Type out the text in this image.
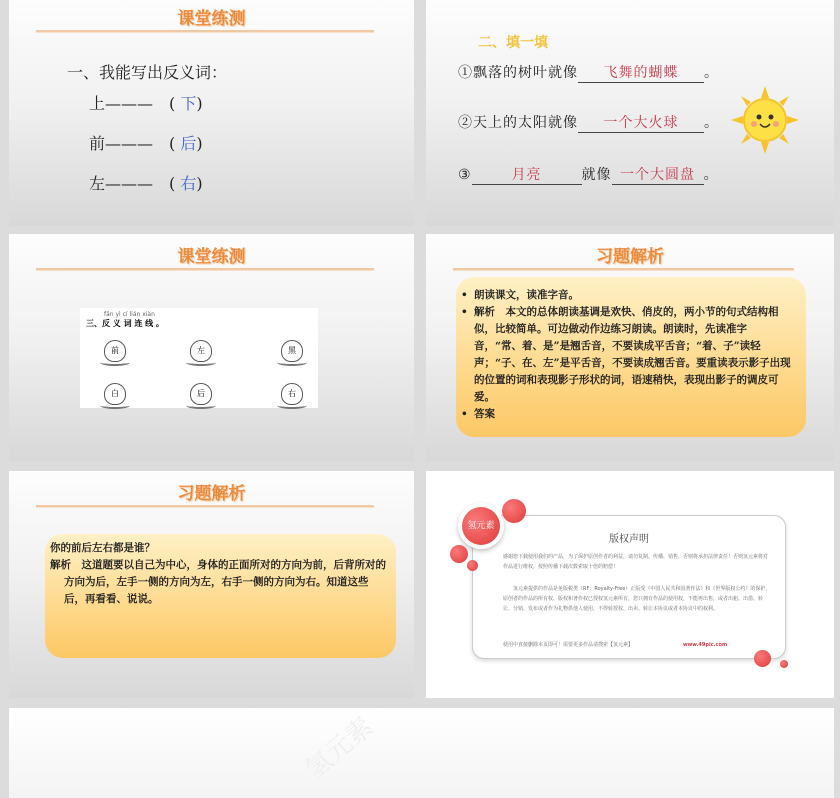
课堂练测
一、我能写出反义词：
上———　( 下)
前———　( 后)
左———　( 右)
二、填一填
①飘落的树叶就像 飞舞的蝴蝶 。
②天上的太阳就像 一个大火球 。
③	月亮	就像 一个大圆盘 。
课堂练测
fǎn yì cí lián xiàn
三、反 义 词 连 线 。
前	左	黑
白	后	右
习题解析
• 朗读课文，读准字音。
• 解析　本文的总体朗读基调是欢快、俏皮的，两小节的句式结构相似，比较简单。可边做动作边练习朗读。朗读时，先读准字音，“常、着、是”是翘舌音，不要读成平舌音；“着、子”读轻声；“子、在、左”是平舌音，不要读成翘舌音。要重读表示影子出现的位置的词和表现影子形状的词，语速稍快，表现出影子的调皮可爱。
• 答案
习题解析
你的前后左右都是谁？
解析　这道题要以自己为中心，身体的正面所对的方向为前，后背所对的方向为后，左手一侧的方向为左，右手一侧的方向为右。知道这些后，再看看、说说。
版权声明
感谢您下载使用我们的产品，为了保护原创作者的利益，请勿复制、传播、销售，否则将承担法律责任！否则氢元素将对作品进行维权，按照传播下载次数索取十倍的赔偿！
氢元素提供的作品是免版税类（RF：Royalty-Free）正版受《中国人民共和国著作法》和《世界版权公约》的保护，原创者的作品的所有权、版权和著作权已授权氢元素所有，您只拥有作品的使用权，不能再出售，或者出租、出借、转让、分销、发布或者作为礼物供他人使用，不得转授权、出卖、转让本协议或者本协议中的权利。
使用中直接删除本页即可！需要更多作品请搜索【氢元素】	www.49pic.com
氢元素
氢元素
